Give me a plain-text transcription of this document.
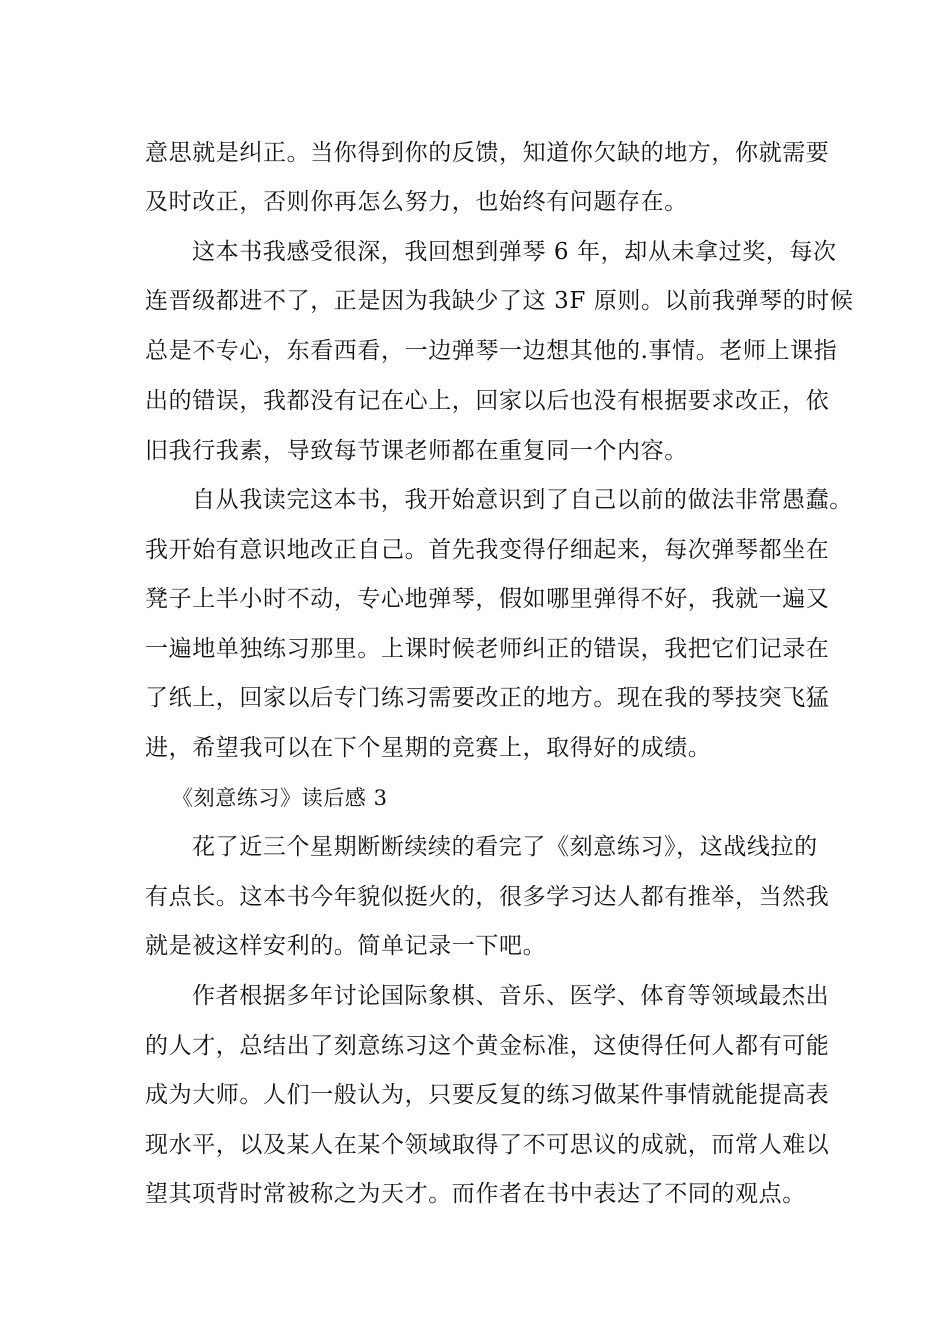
意思就是纠正。当你得到你的反馈，知道你欠缺的地方，你就需要
及时改正，否则你再怎么努力，也始终有问题存在。
这本书我感受很深，我回想到弹琴 6 年，却从未拿过奖，每次
连晋级都进不了，正是因为我缺少了这 3F 原则。以前我弹琴的时候
总是不专心，东看西看，一边弹琴一边想其他的.事情。老师上课指
出的错误，我都没有记在心上，回家以后也没有根据要求改正，依
旧我行我素，导致每节课老师都在重复同一个内容。
自从我读完这本书，我开始意识到了自己以前的做法非常愚蠢。
我开始有意识地改正自己。首先我变得仔细起来，每次弹琴都坐在
凳子上半小时不动，专心地弹琴，假如哪里弹得不好，我就一遍又
一遍地单独练习那里。上课时候老师纠正的错误，我把它们记录在
了纸上，回家以后专门练习需要改正的地方。现在我的琴技突飞猛
进，希望我可以在下个星期的竞赛上，取得好的成绩。
《刻意练习》读后感 3
花了近三个星期断断续续的看完了《刻意练习》，这战线拉的
有点长。这本书今年貌似挺火的，很多学习达人都有推举，当然我
就是被这样安利的。简单记录一下吧。
作者根据多年讨论国际象棋、音乐、医学、体育等领域最杰出
的人才，总结出了刻意练习这个黄金标准，这使得任何人都有可能
成为大师。人们一般认为，只要反复的练习做某件事情就能提高表
现水平，以及某人在某个领域取得了不可思议的成就，而常人难以
望其项背时常被称之为天才。而作者在书中表达了不同的观点。
